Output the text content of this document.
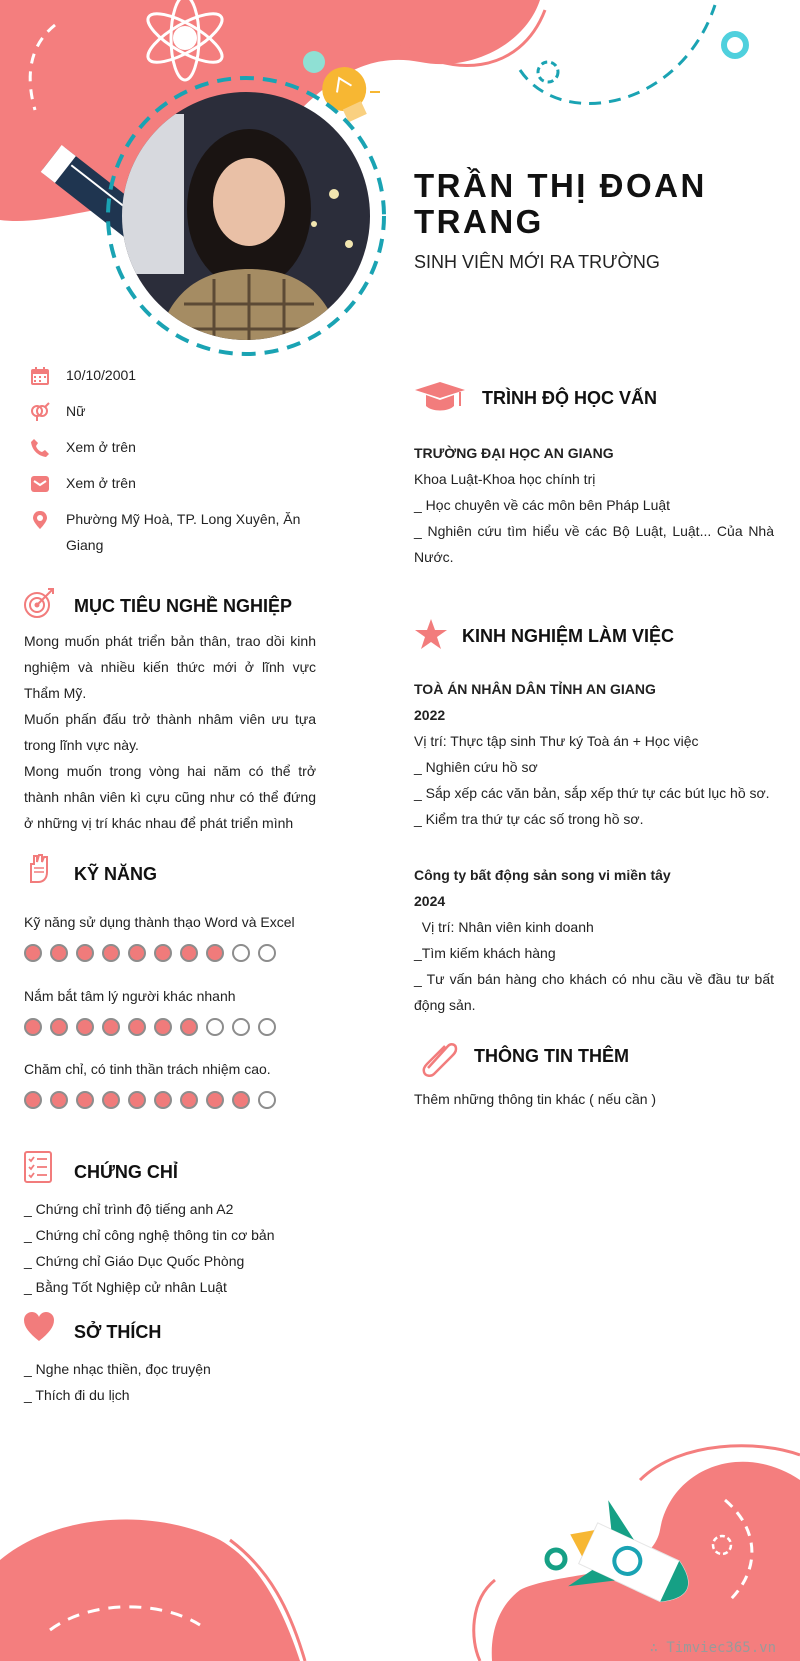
TRẦN THỊ ĐOAN TRANG
SINH VIÊN MỚI RA TRƯỜNG
10/10/2001
Nữ
Xem ở trên
Xem ở trên
Phường Mỹ Hoà, TP. Long Xuyên, Ăn Giang
MỤC TIÊU NGHỀ NGHIỆP
Mong muốn phát triển bản thân, trao dồi kinh nghiệm và nhiều kiến thức mới ở lĩnh vực Thẩm Mỹ.
Muốn phấn đấu trở thành nhâm viên ưu tựa trong lĩnh vực này.
Mong muốn trong vòng hai năm có thể trở thành nhân viên kì cựu cũng như có thể đứng ở những vị trí khác nhau để phát triển mình
KỸ NĂNG
Kỹ năng sử dụng thành thạo Word và Excel
Nắm bắt tâm lý người khác nhanh
Chăm chỉ, có tinh thần trách nhiệm cao.
CHỨNG CHỈ
_ Chứng chỉ trình độ tiếng anh A2
_ Chứng chỉ công nghệ thông tin cơ bản
_ Chứng chỉ Giáo Dục Quốc Phòng
_ Bằng Tốt Nghiệp cử nhân Luật
SỞ THÍCH
_ Nghe nhạc thiền, đọc truyện
_ Thích đi du lịch
TRÌNH ĐỘ HỌC VẤN
TRƯỜNG ĐẠI HỌC AN GIANG
Khoa Luật-Khoa học chính trị
_ Học chuyên về các môn bên Pháp Luật
_ Nghiên cứu tìm hiểu về các Bộ Luật, Luật... Của Nhà Nước.
KINH NGHIỆM LÀM VIỆC
TOÀ ÁN NHÂN DÂN TỈNH AN GIANG
2022
Vị trí: Thực tập sinh Thư ký Toà án + Học việc
_ Nghiên cứu hồ sơ
_ Sắp xếp các văn bản, sắp xếp thứ tự các bút lục hồ sơ.
_ Kiểm tra thứ tự các số trong hồ sơ.
Công ty bất động sản song vi miền tây
2024
Vị trí: Nhân viên kinh doanh
_Tìm kiếm khách hàng
_ Tư vấn bán hàng cho khách có nhu cầu về đầu tư bất động sản.
THÔNG TIN THÊM
Thêm những thông tin khác ( nếu cần )
∴ Timviec365.vn
